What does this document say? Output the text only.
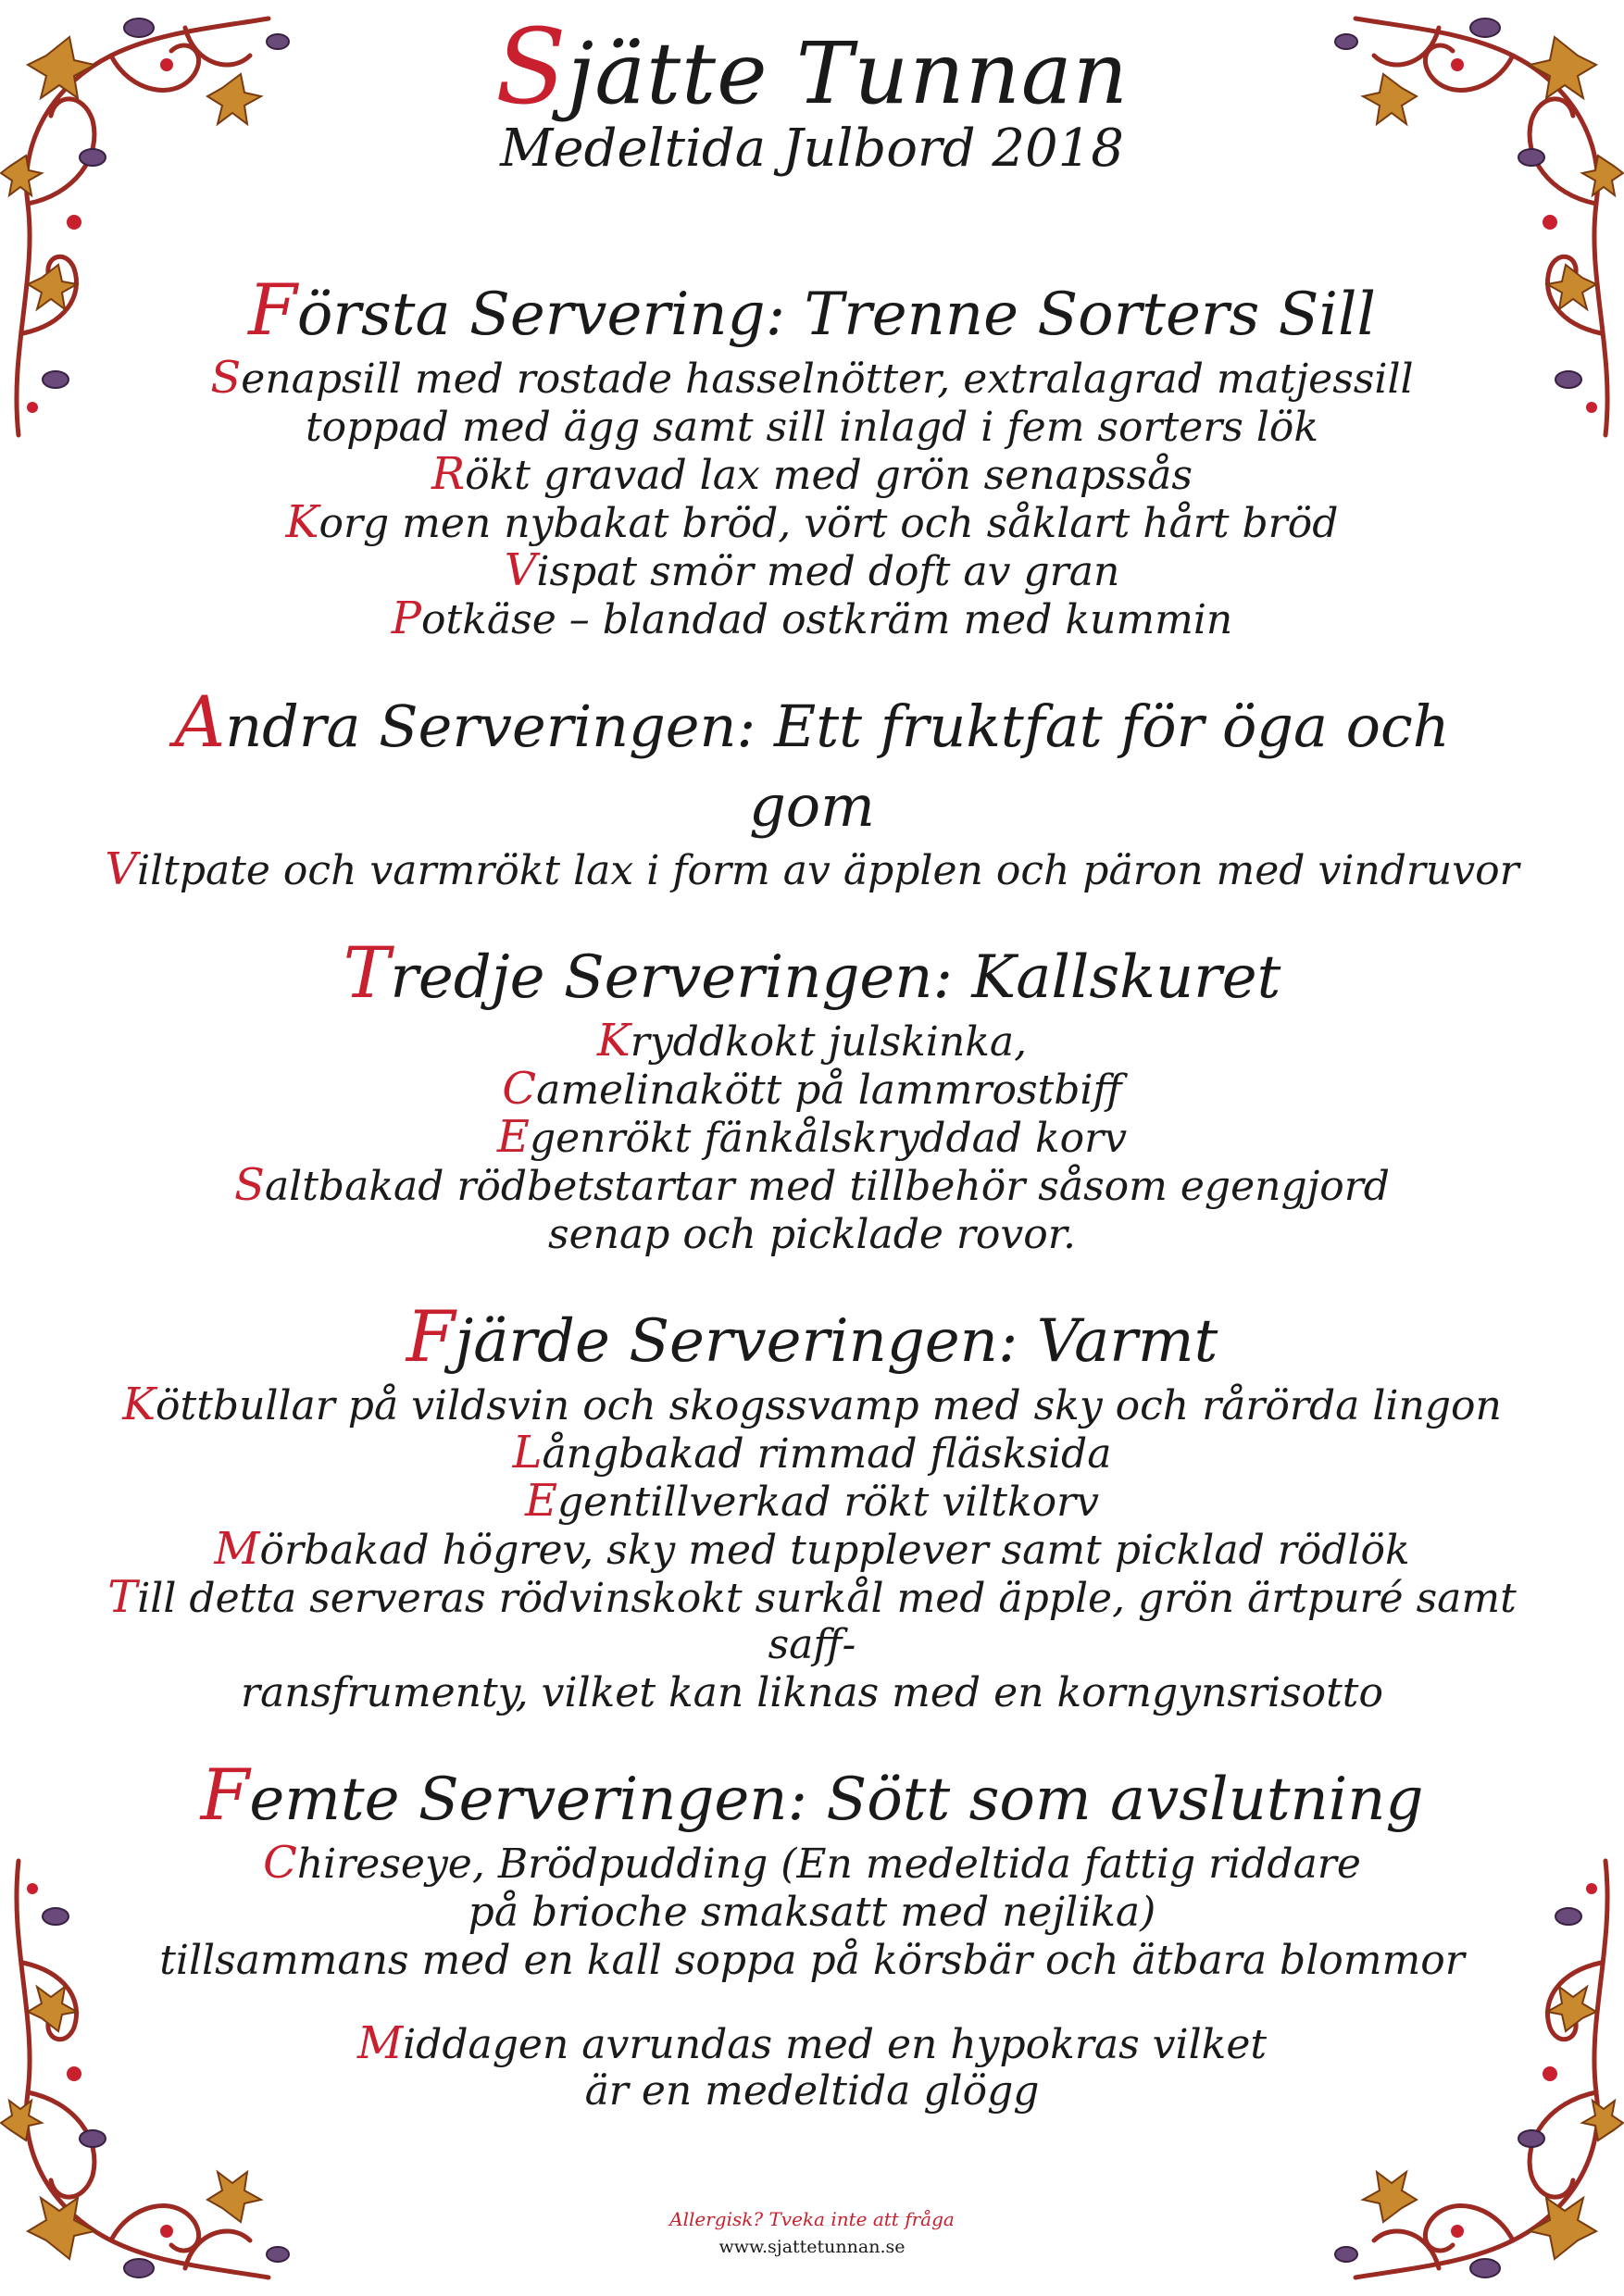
Sjätte Tunnan
Medeltida Julbord 2018
Första Servering: Trenne Sorters Sill
Senapsill med rostade hasselnötter, extralagrad matjessill
toppad med ägg samt sill inlagd i fem sorters lök
Rökt gravad lax med grön senapssås
Korg men nybakat bröd, vört och såklart hårt bröd
Vispat smör med doft av gran
Potkäse – blandad ostkräm med kummin
Andra Serveringen: Ett fruktfat för öga och gom
Viltpate och varmrökt lax i form av äpplen och päron med vindruvor
Tredje Serveringen: Kallskuret
Kryddkokt julskinka,
Camelinakött på lammrostbiff
Egenrökt fänkålskryddad korv
Saltbakad rödbetstartar med tillbehör såsom egengjord
senap och picklade rovor.
Fjärde Serveringen: Varmt
Köttbullar på vildsvin och skogssvamp med sky och rårörda lingon
Långbakad rimmad fläsksida
Egentillverkad rökt viltkorv
Mörbakad högrev, sky med tupplever samt picklad rödlök
Till detta serveras rödvinskokt surkål med äpple, grön ärtpuré samt saff-
ransfrumenty, vilket kan liknas med en korngynsrisotto
Femte Serveringen: Sött som avslutning
Chireseye, Brödpudding (En medeltida fattig riddare
på brioche smaksatt med nejlika)
tillsammans med en kall soppa på körsbär och ätbara blommor
Middagen avrundas med en hypokras vilket
är en medeltida glögg
Allergisk? Tveka inte att fråga
www.sjattetunnan.se
